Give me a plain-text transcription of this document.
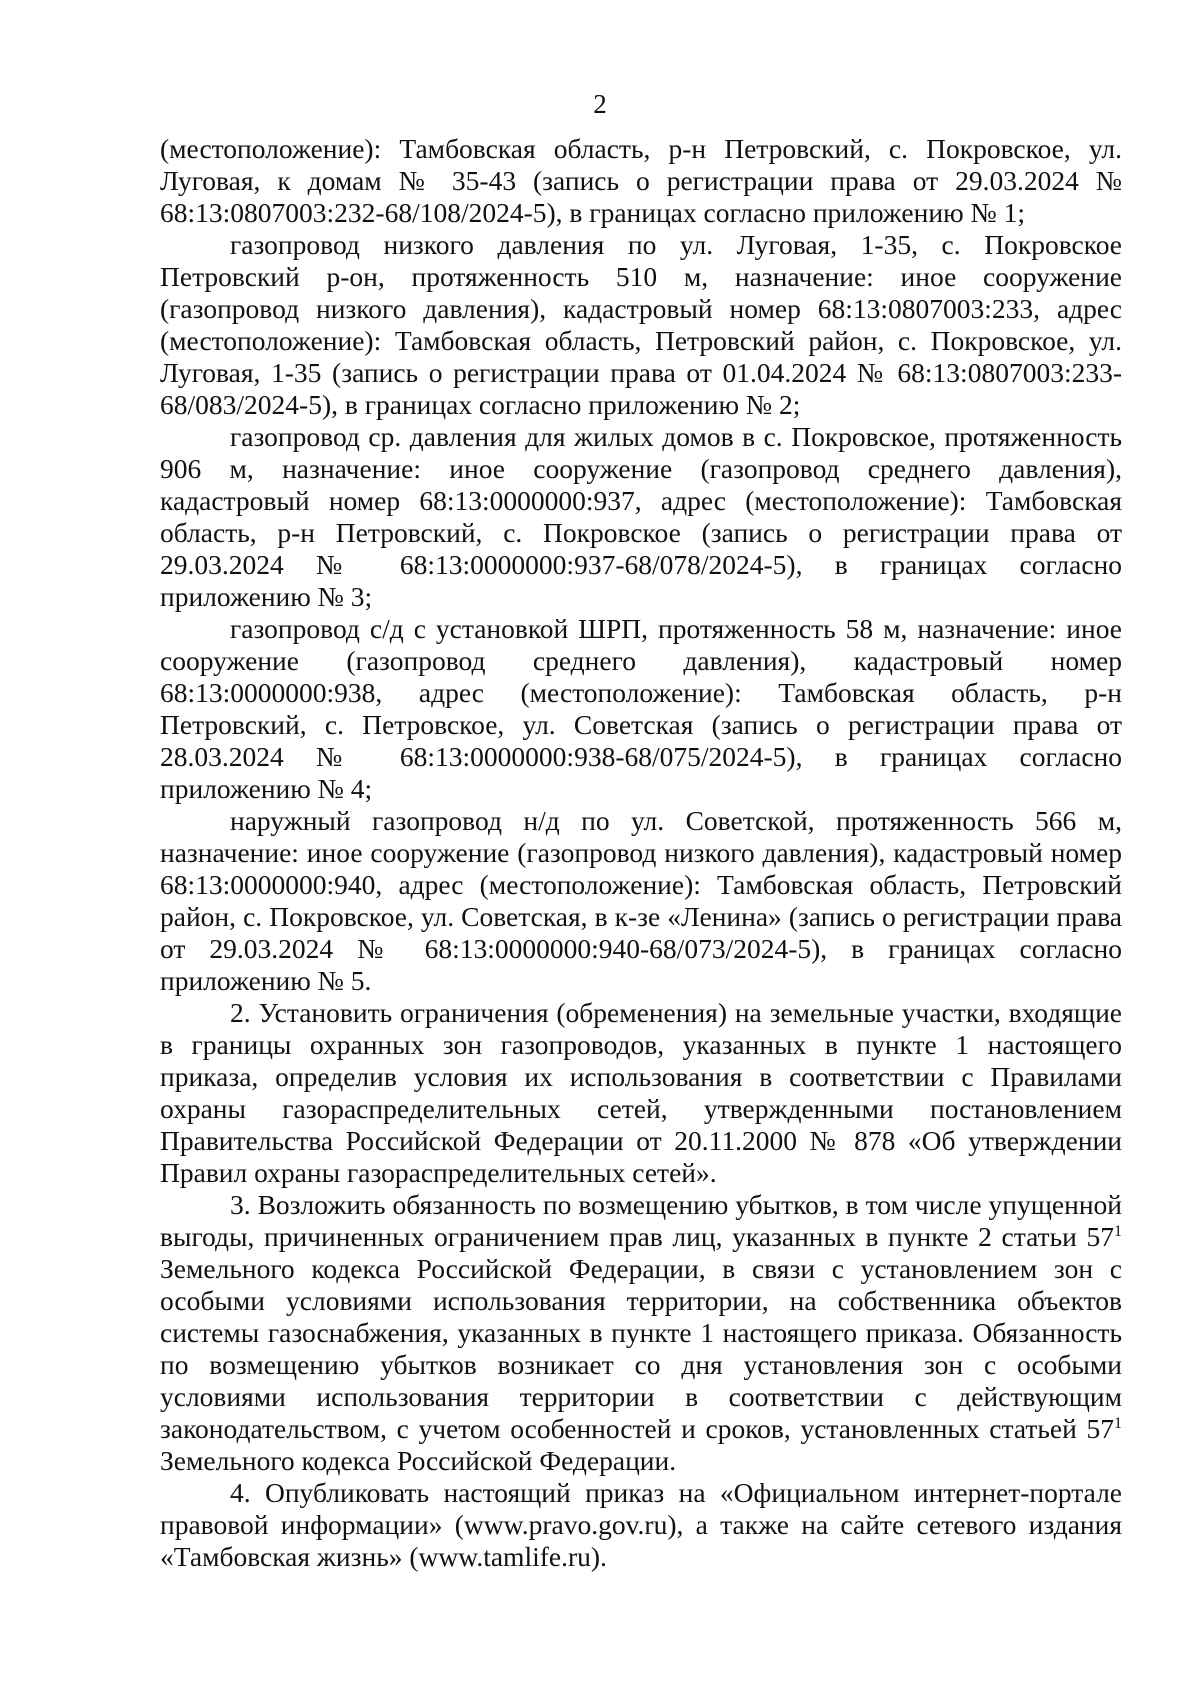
2

(местоположение): Тамбовская область, р-н Петровский, с. Покровское, ул. Луговая, к домам № 35-43 (запись о регистрации права от 29.03.2024 № 68:13:0807003:232-68/108/2024-5), в границах согласно приложению № 1;

газопровод низкого давления по ул. Луговая, 1-35, с. Покровское Петровский р-он, протяженность 510 м, назначение: иное сооружение (газопровод низкого давления), кадастровый номер 68:13:0807003:233, адрес (местоположение): Тамбовская область, Петровский район, с. Покровское, ул. Луговая, 1-35 (запись о регистрации права от 01.04.2024 № 68:13:0807003:233-68/083/2024-5), в границах согласно приложению № 2;

газопровод ср. давления для жилых домов в с. Покровское, протяженность 906 м, назначение: иное сооружение (газопровод среднего давления), кадастровый номер 68:13:0000000:937, адрес (местоположение): Тамбовская область, р-н Петровский, с. Покровское (запись о регистрации права от 29.03.2024 № 68:13:0000000:937-68/078/2024-5), в границах согласно приложению № 3;

газопровод с/д с установкой ШРП, протяженность 58 м, назначение: иное сооружение (газопровод среднего давления), кадастровый номер 68:13:0000000:938, адрес (местоположение): Тамбовская область, р-н Петровский, с. Петровское, ул. Советская (запись о регистрации права от 28.03.2024 № 68:13:0000000:938-68/075/2024-5), в границах согласно приложению № 4;

наружный газопровод н/д по ул. Советской, протяженность 566 м, назначение: иное сооружение (газопровод низкого давления), кадастровый номер 68:13:0000000:940, адрес (местоположение): Тамбовская область, Петровский район, с. Покровское, ул. Советская, в к-зе «Ленина» (запись о регистрации права от 29.03.2024 № 68:13:0000000:940-68/073/2024-5), в границах согласно приложению № 5.

2. Установить ограничения (обременения) на земельные участки, входящие в границы охранных зон газопроводов, указанных в пункте 1 настоящего приказа, определив условия их использования в соответствии с Правилами охраны газораспределительных сетей, утвержденными постановлением Правительства Российской Федерации от 20.11.2000 № 878 «Об утверждении Правил охраны газораспределительных сетей».

3. Возложить обязанность по возмещению убытков, в том числе упущенной выгоды, причиненных ограничением прав лиц, указанных в пункте 2 статьи $57^1$ Земельного кодекса Российской Федерации, в связи с установлением зон с особыми условиями использования территории, на собственника объектов системы газоснабжения, указанных в пункте 1 настоящего приказа. Обязанность по возмещению убытков возникает со дня установления зон с особыми условиями использования территории в соответствии с действующим законодательством, с учетом особенностей и сроков, установленных статьей $57^1$ Земельного кодекса Российской Федерации.

4. Опубликовать настоящий приказ на «Официальном интернет-портале правовой информации» (www.pravo.gov.ru), а также на сайте сетевого издания «Тамбовская жизнь» (www.tamlife.ru).
